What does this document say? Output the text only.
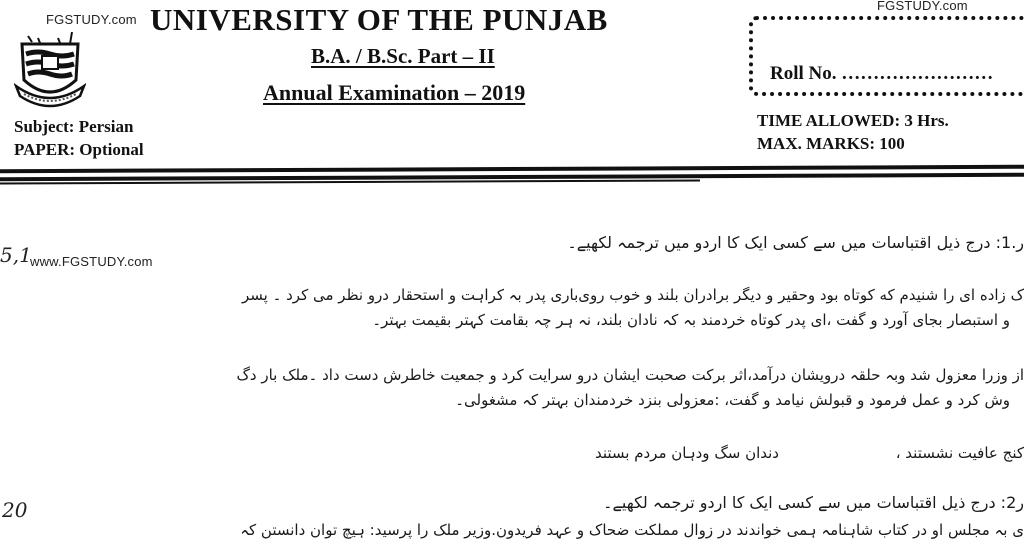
FGSTUDY.com
FGSTUDY.com
UNIVERSITY OF THE PUNJAB
B.A. / B.Sc. Part – II
Annual Examination – 2019
Subject: Persian
PAPER: Optional
Roll No. ……………………
TIME ALLOWED: 3 Hrs.
MAX. MARKS: 100
5,1
www.FGSTUDY.com
ر.1: درج ذیل اقتباسات میں سے کسی ایک کا اردو میں ترجمہ لکھیے۔
ک زاده ای را شنیدم که کوتاه بود وحقیر و دیگر برادران بلند و خوب روی‌باری پدر بہ کراہت و استحقار درو نظر می کرد ۔ پسر
و استبصار بجای آورد و گفت ،ای پدر کوتاه خردمند بہ کہ نادان بلند، نہ ہر چہ بقامت کہتر بقیمت بہتر۔
از وزرا معزول شد وبہ حلقہ درویشان درآمد،اثر برکت صحبت ایشان درو سرایت کرد و جمعیت خاطرش دست داد ۔ملک بار دگ
وش کرد و عمل فرمود و قبولش نیامد و گفت، :معزولی بنزد خردمندان بہتر کہ مشغولی۔
کنج عافیت نشستند ،
دندان سگ ودہان مردم بستند
20	ر2: درج ذیل اقتباسات میں سے کسی ایک کا اردو ترجمہ لکھیے۔
ی بہ مجلس او در کتاب شاہنامہ ہمی خواندند در زوال مملکت ضحاک و عہد فریدون.وزیر ملک را پرسید: ہیچ توان دانستن کہ
